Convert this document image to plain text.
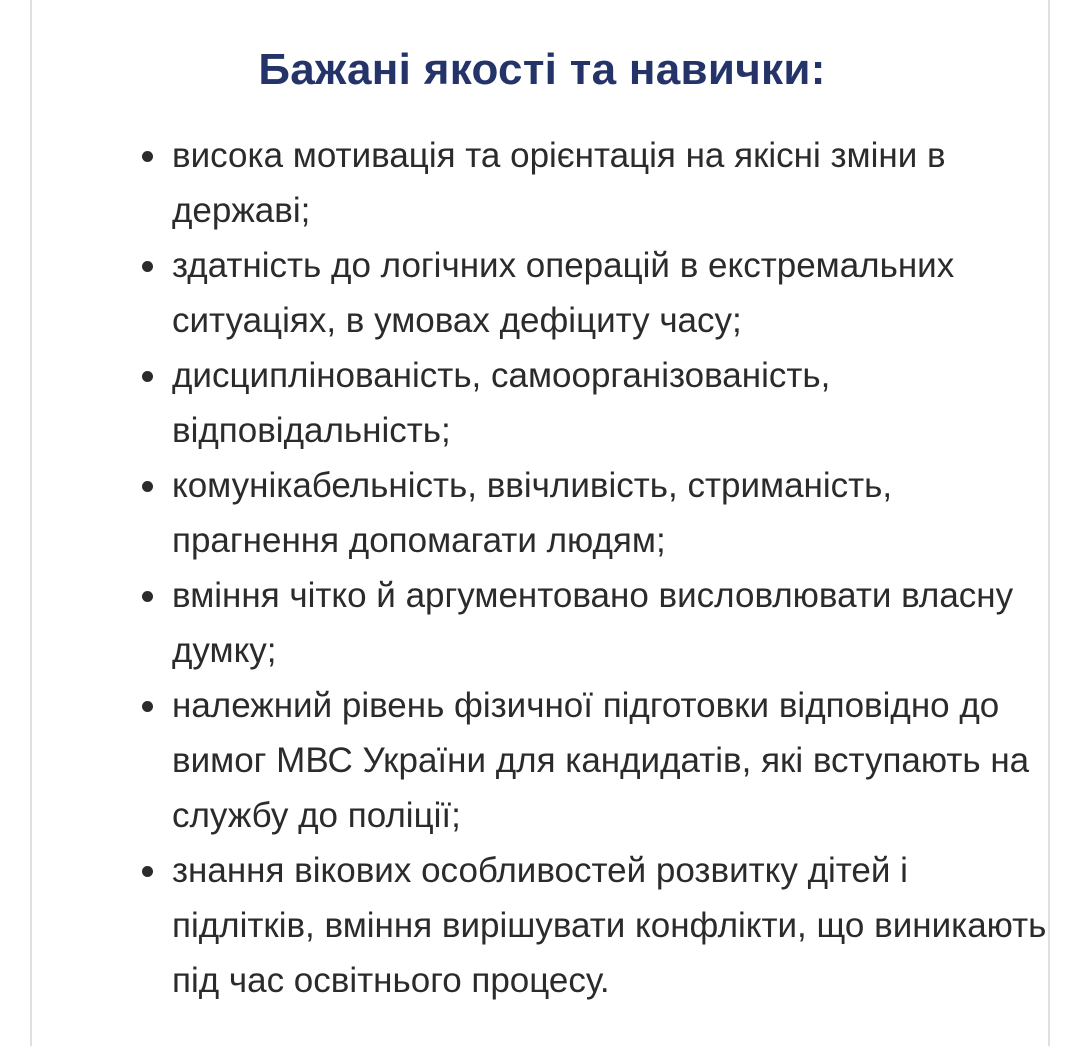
Бажані якості та навички:
висока мотивація та орієнтація на якісні зміни в державі;
здатність до логічних операцій в екстремальних ситуаціях, в умовах дефіциту часу;
дисциплінованість, самоорганізованість, відповідальність;
комунікабельність, ввічливість, стриманість, прагнення допомагати людям;
вміння чітко й аргументовано висловлювати власну думку;
належний рівень фізичної підготовки відповідно до вимог МВС України для кандидатів, які вступають на службу до поліції;
знання вікових особливостей розвитку дітей і підлітків, вміння вирішувати конфлікти, що виникають під час освітнього процесу.
